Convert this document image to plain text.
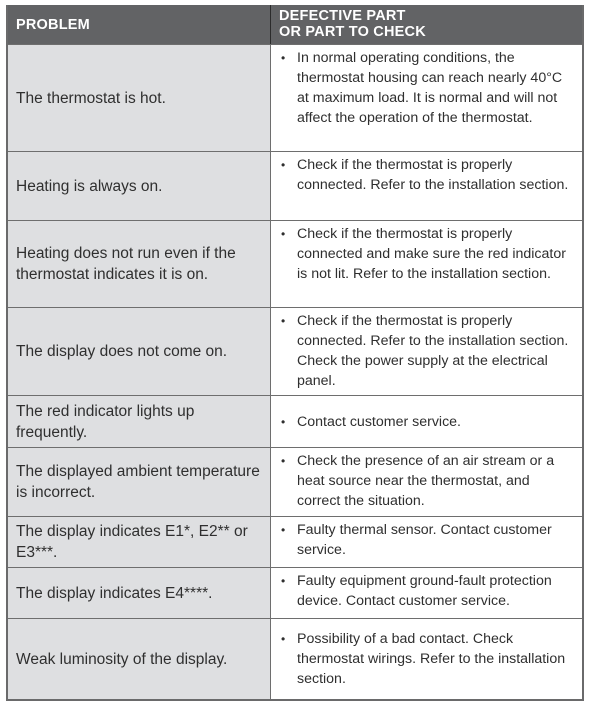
PROBLEM
DEFECTIVE PART
OR PART TO CHECK
The thermostat is hot.
• In normal operating conditions, the thermostat housing can reach nearly 40°C at maximum load. It is normal and will not affect the operation of the thermostat.
Heating is always on.
• Check if the thermostat is properly connected. Refer to the installation section.
Heating does not run even if the thermostat indicates it is on.
• Check if the thermostat is properly connected and make sure the red indicator is not lit. Refer to the installation section.
The display does not come on.
• Check if the thermostat is properly connected. Refer to the installation section. Check the power supply at the electrical panel.
The red indicator lights up frequently.
• Contact customer service.
The displayed ambient temperature is incorrect.
• Check the presence of an air stream or a heat source near the thermostat, and correct the situation.
The display indicates E1*, E2** or E3***.
• Faulty thermal sensor. Contact customer service.
The display indicates E4****.
• Faulty equipment ground-fault protection device. Contact customer service.
Weak luminosity of the display.
• Possibility of a bad contact. Check thermostat wirings. Refer to the installation section.
